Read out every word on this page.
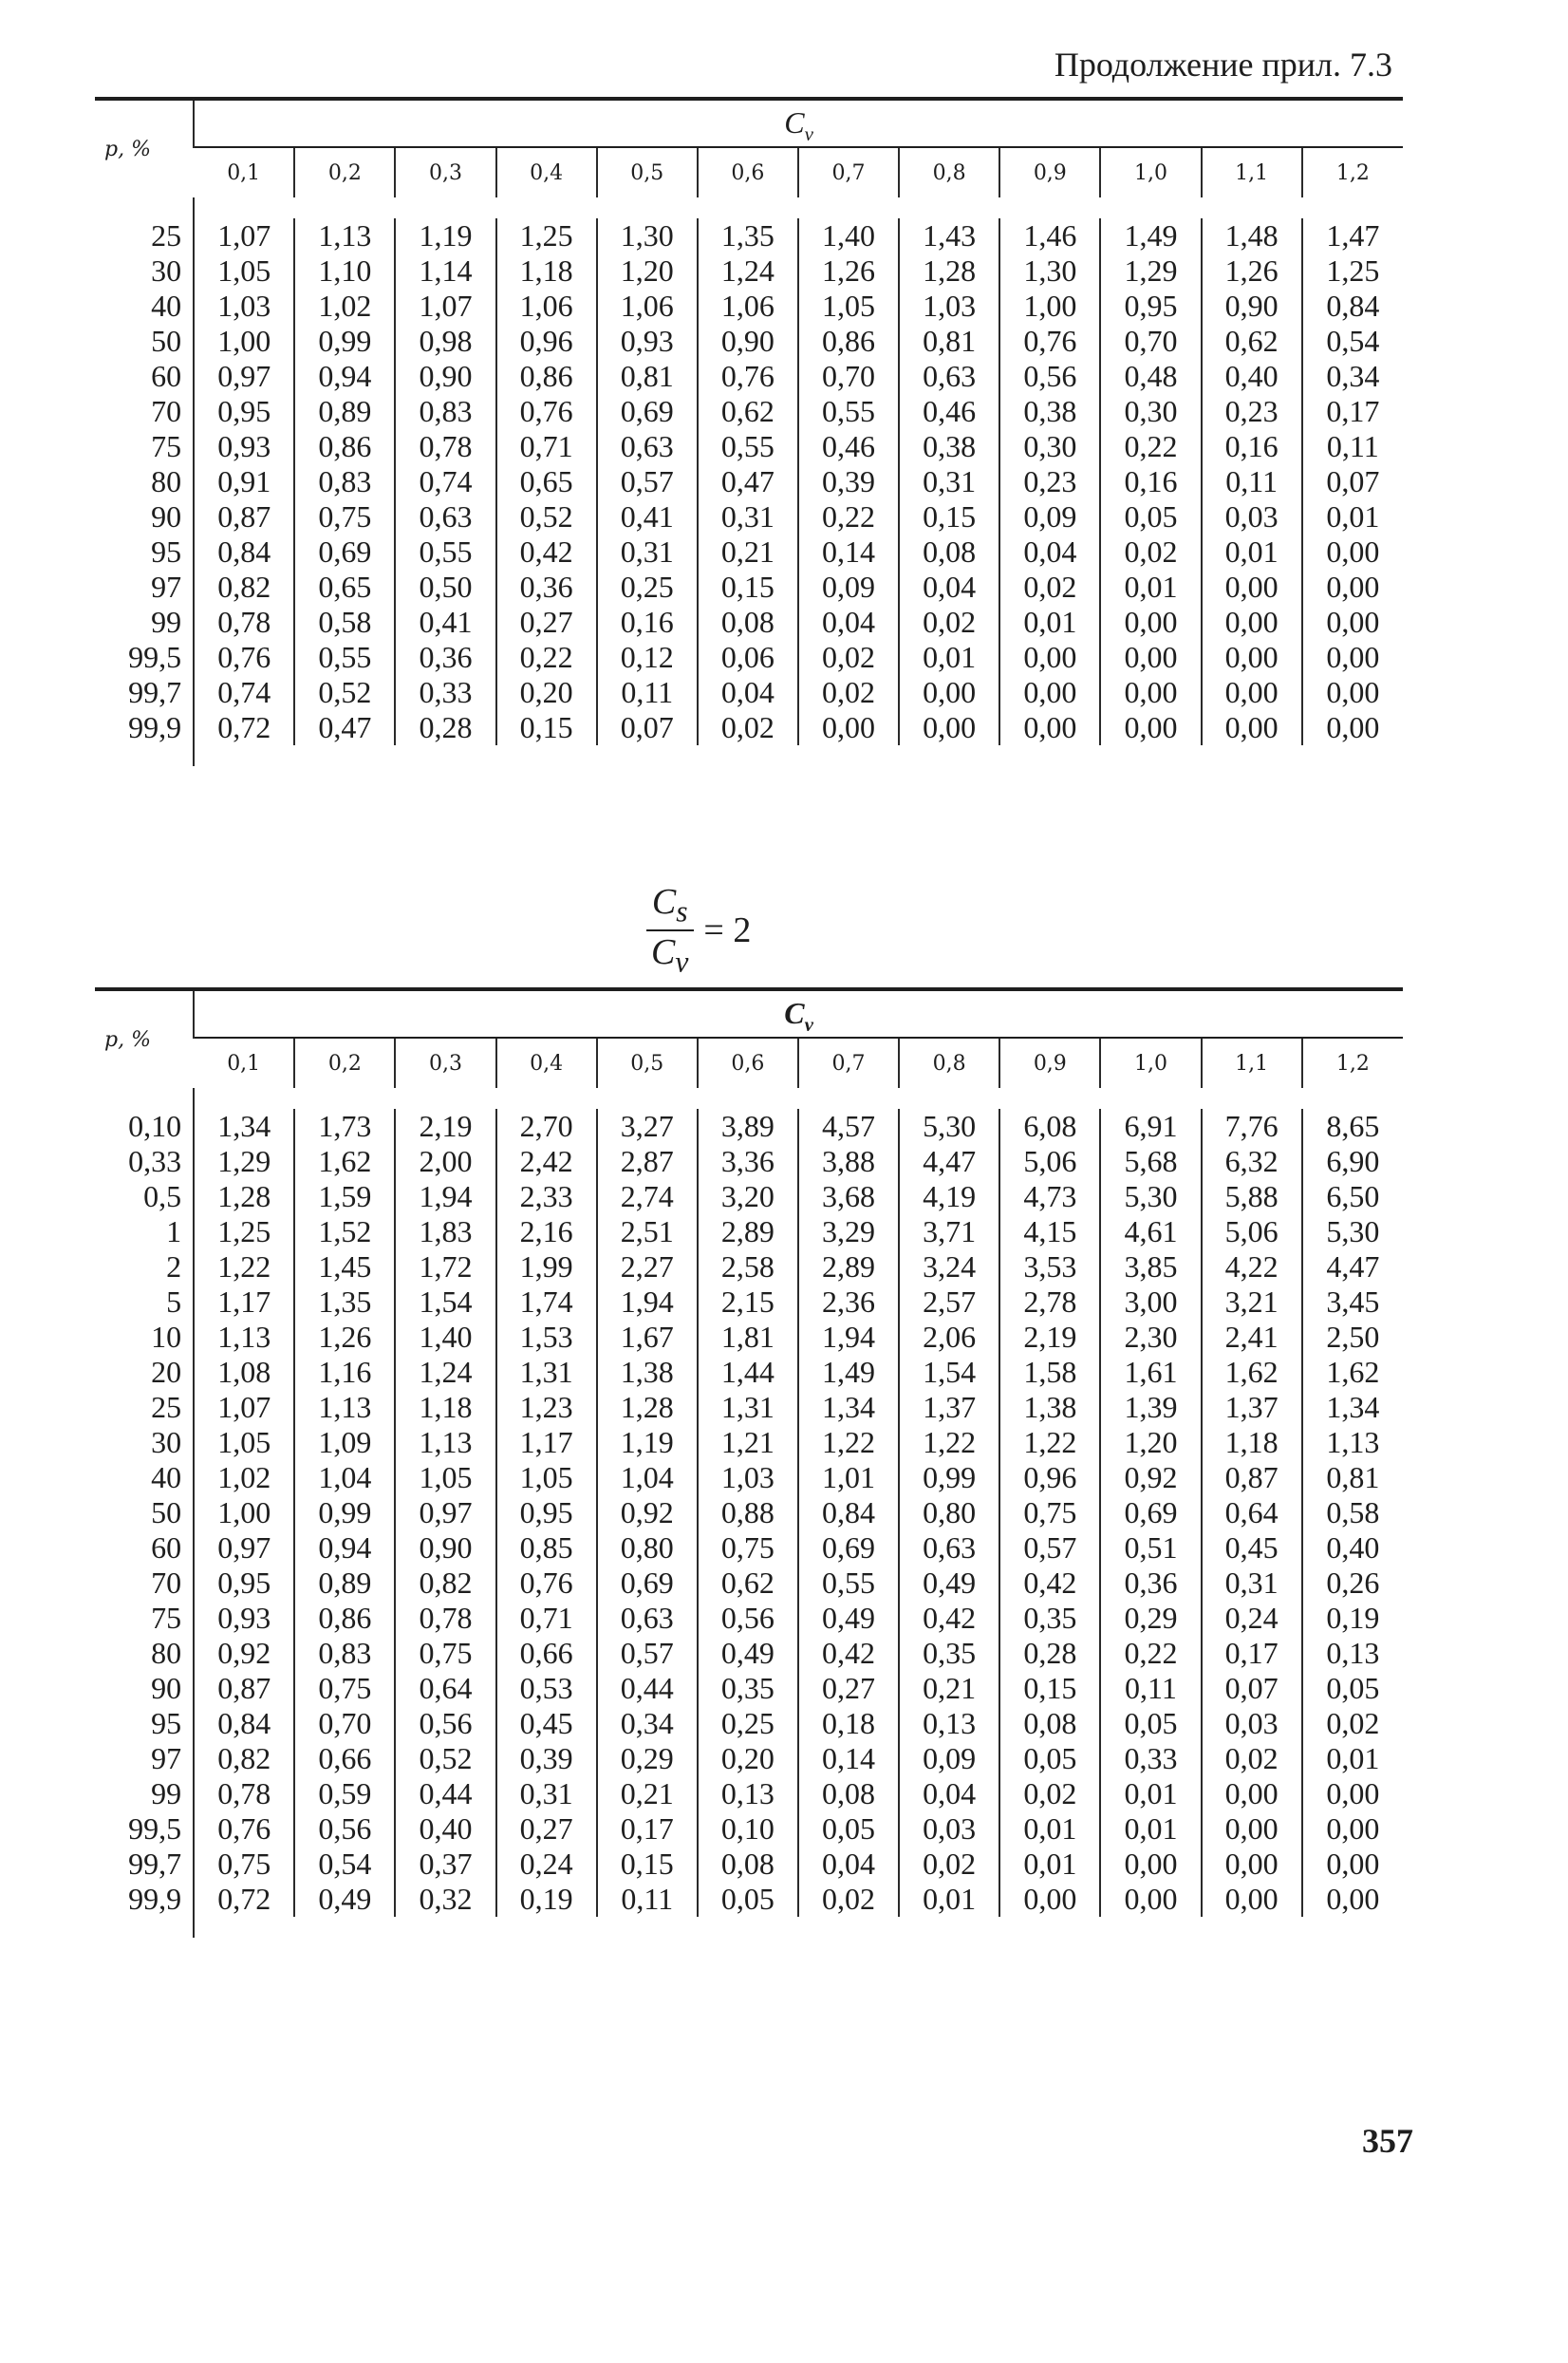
Продолжение прил. 7.3
p, %	$C_v$
	0,1	0,2	0,3	0,4	0,5	0,6	0,7	0,8	0,9	1,0	1,1	1,2

25	1,07	1,13	1,19	1,25	1,30	1,35	1,40	1,43	1,46	1,49	1,48	1,47
30	1,05	1,10	1,14	1,18	1,20	1,24	1,26	1,28	1,30	1,29	1,26	1,25
40	1,03	1,02	1,07	1,06	1,06	1,06	1,05	1,03	1,00	0,95	0,90	0,84
50	1,00	0,99	0,98	0,96	0,93	0,90	0,86	0,81	0,76	0,70	0,62	0,54
60	0,97	0,94	0,90	0,86	0,81	0,76	0,70	0,63	0,56	0,48	0,40	0,34
70	0,95	0,89	0,83	0,76	0,69	0,62	0,55	0,46	0,38	0,30	0,23	0,17
75	0,93	0,86	0,78	0,71	0,63	0,55	0,46	0,38	0,30	0,22	0,16	0,11
80	0,91	0,83	0,74	0,65	0,57	0,47	0,39	0,31	0,23	0,16	0,11	0,07
90	0,87	0,75	0,63	0,52	0,41	0,31	0,22	0,15	0,09	0,05	0,03	0,01
95	0,84	0,69	0,55	0,42	0,31	0,21	0,14	0,08	0,04	0,02	0,01	0,00
97	0,82	0,65	0,50	0,36	0,25	0,15	0,09	0,04	0,02	0,01	0,00	0,00
99	0,78	0,58	0,41	0,27	0,16	0,08	0,04	0,02	0,01	0,00	0,00	0,00
99,5	0,76	0,55	0,36	0,22	0,12	0,06	0,02	0,01	0,00	0,00	0,00	0,00
99,7	0,74	0,52	0,33	0,20	0,11	0,04	0,02	0,00	0,00	0,00	0,00	0,00
99,9	0,72	0,47	0,28	0,15	0,07	0,02	0,00	0,00	0,00	0,00	0,00	0,00

$\frac{C_s}{C_v} = 2$
p, %	$C_v$
	0,1	0,2	0,3	0,4	0,5	0,6	0,7	0,8	0,9	1,0	1,1	1,2

0,10	1,34	1,73	2,19	2,70	3,27	3,89	4,57	5,30	6,08	6,91	7,76	8,65
0,33	1,29	1,62	2,00	2,42	2,87	3,36	3,88	4,47	5,06	5,68	6,32	6,90
0,5	1,28	1,59	1,94	2,33	2,74	3,20	3,68	4,19	4,73	5,30	5,88	6,50
1	1,25	1,52	1,83	2,16	2,51	2,89	3,29	3,71	4,15	4,61	5,06	5,30
2	1,22	1,45	1,72	1,99	2,27	2,58	2,89	3,24	3,53	3,85	4,22	4,47
5	1,17	1,35	1,54	1,74	1,94	2,15	2,36	2,57	2,78	3,00	3,21	3,45
10	1,13	1,26	1,40	1,53	1,67	1,81	1,94	2,06	2,19	2,30	2,41	2,50
20	1,08	1,16	1,24	1,31	1,38	1,44	1,49	1,54	1,58	1,61	1,62	1,62
25	1,07	1,13	1,18	1,23	1,28	1,31	1,34	1,37	1,38	1,39	1,37	1,34
30	1,05	1,09	1,13	1,17	1,19	1,21	1,22	1,22	1,22	1,20	1,18	1,13
40	1,02	1,04	1,05	1,05	1,04	1,03	1,01	0,99	0,96	0,92	0,87	0,81
50	1,00	0,99	0,97	0,95	0,92	0,88	0,84	0,80	0,75	0,69	0,64	0,58
60	0,97	0,94	0,90	0,85	0,80	0,75	0,69	0,63	0,57	0,51	0,45	0,40
70	0,95	0,89	0,82	0,76	0,69	0,62	0,55	0,49	0,42	0,36	0,31	0,26
75	0,93	0,86	0,78	0,71	0,63	0,56	0,49	0,42	0,35	0,29	0,24	0,19
80	0,92	0,83	0,75	0,66	0,57	0,49	0,42	0,35	0,28	0,22	0,17	0,13
90	0,87	0,75	0,64	0,53	0,44	0,35	0,27	0,21	0,15	0,11	0,07	0,05
95	0,84	0,70	0,56	0,45	0,34	0,25	0,18	0,13	0,08	0,05	0,03	0,02
97	0,82	0,66	0,52	0,39	0,29	0,20	0,14	0,09	0,05	0,33	0,02	0,01
99	0,78	0,59	0,44	0,31	0,21	0,13	0,08	0,04	0,02	0,01	0,00	0,00
99,5	0,76	0,56	0,40	0,27	0,17	0,10	0,05	0,03	0,01	0,01	0,00	0,00
99,7	0,75	0,54	0,37	0,24	0,15	0,08	0,04	0,02	0,01	0,00	0,00	0,00
99,9	0,72	0,49	0,32	0,19	0,11	0,05	0,02	0,01	0,00	0,00	0,00	0,00

357
